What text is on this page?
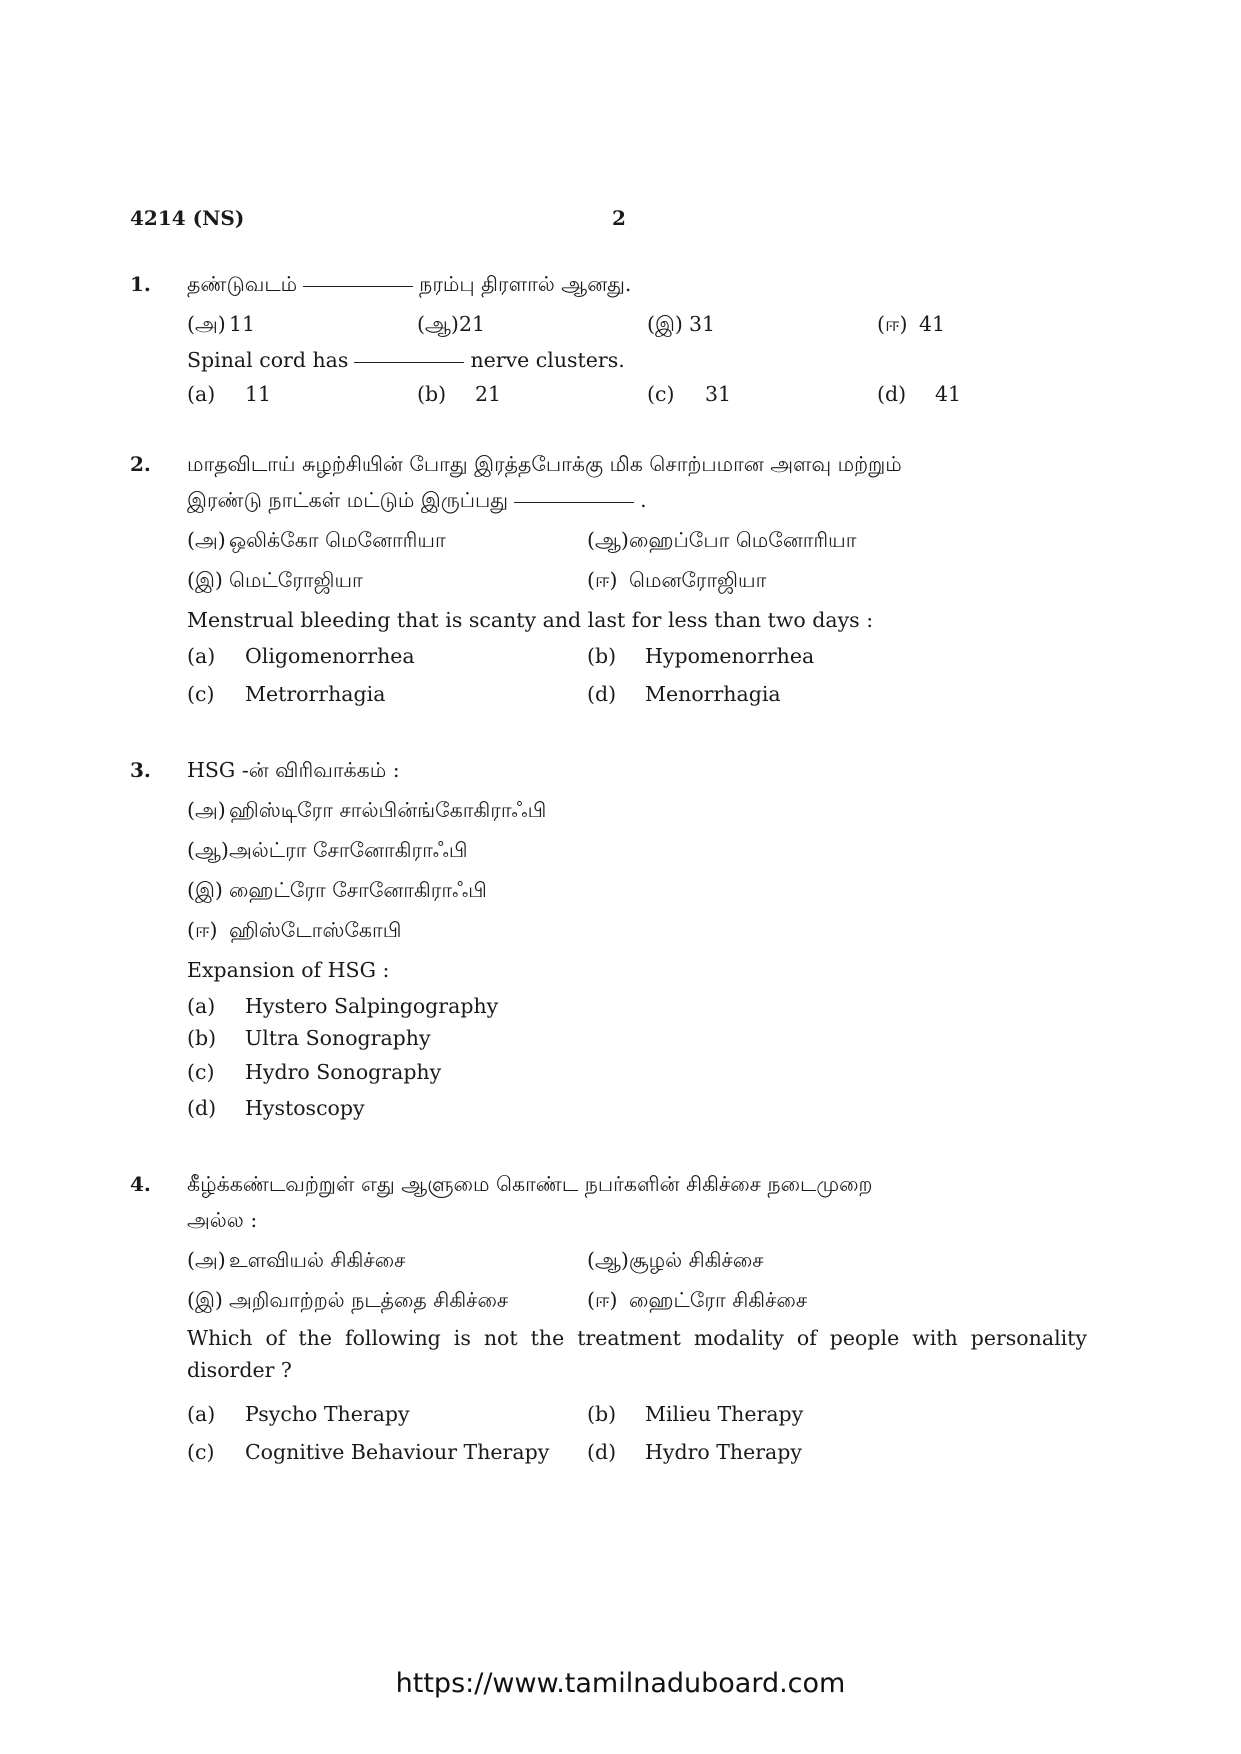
4214 (NS)	2
1. தண்டுவடம்	நரம்பு திரளால் ஆனது.
(அ) 11	(ஆ)21	(இ) 31	(ஈ) 41
Spinal cord has	nerve clusters.
(a) 11	(b) 21	(c) 31	(d) 41
2. மாதவிடாய் சுழற்சியின் போது இரத்தபோக்கு மிக சொற்பமான அளவு மற்றும்
இரண்டு நாட்கள் மட்டும் இருப்பது	.
(அ) ஒலிக்கோ மெனோரியா	(ஆ)ஹைப்போ மெனோரியா
(இ) மெட்ரோஜியா	(ஈ) மெனரோஜியா
Menstrual bleeding that is scanty and last for less than two days :
(a) Oligomenorrhea	(b) Hypomenorrhea
(c) Metrorrhagia	(d) Menorrhagia
3. HSG -ன் விரிவாக்கம் :
(அ) ஹிஸ்டிரோ சால்பின்ங்கோகிராஃபி
(ஆ)அல்ட்ரா சோனோகிராஃபி
(இ) ஹைட்ரோ சோனோகிராஃபி
(ஈ) ஹிஸ்டோஸ்கோபி
Expansion of HSG :
(a) Hystero Salpingography
(b) Ultra Sonography
(c) Hydro Sonography
(d) Hystoscopy
4. கீழ்க்கண்டவற்றுள் எது ஆளுமை கொண்ட நபர்களின் சிகிச்சை நடைமுறை
அல்ல :
(அ) உளவியல் சிகிச்சை	(ஆ)சூழல் சிகிச்சை
(இ) அறிவாற்றல் நடத்தை சிகிச்சை	(ஈ) ஹைட்ரோ சிகிச்சை
Which of the following is not the treatment modality of people with personality disorder ?
(a) Psycho Therapy	(b) Milieu Therapy
(c) Cognitive Behaviour Therapy (d) Hydro Therapy
https://www.tamilnaduboard.com
